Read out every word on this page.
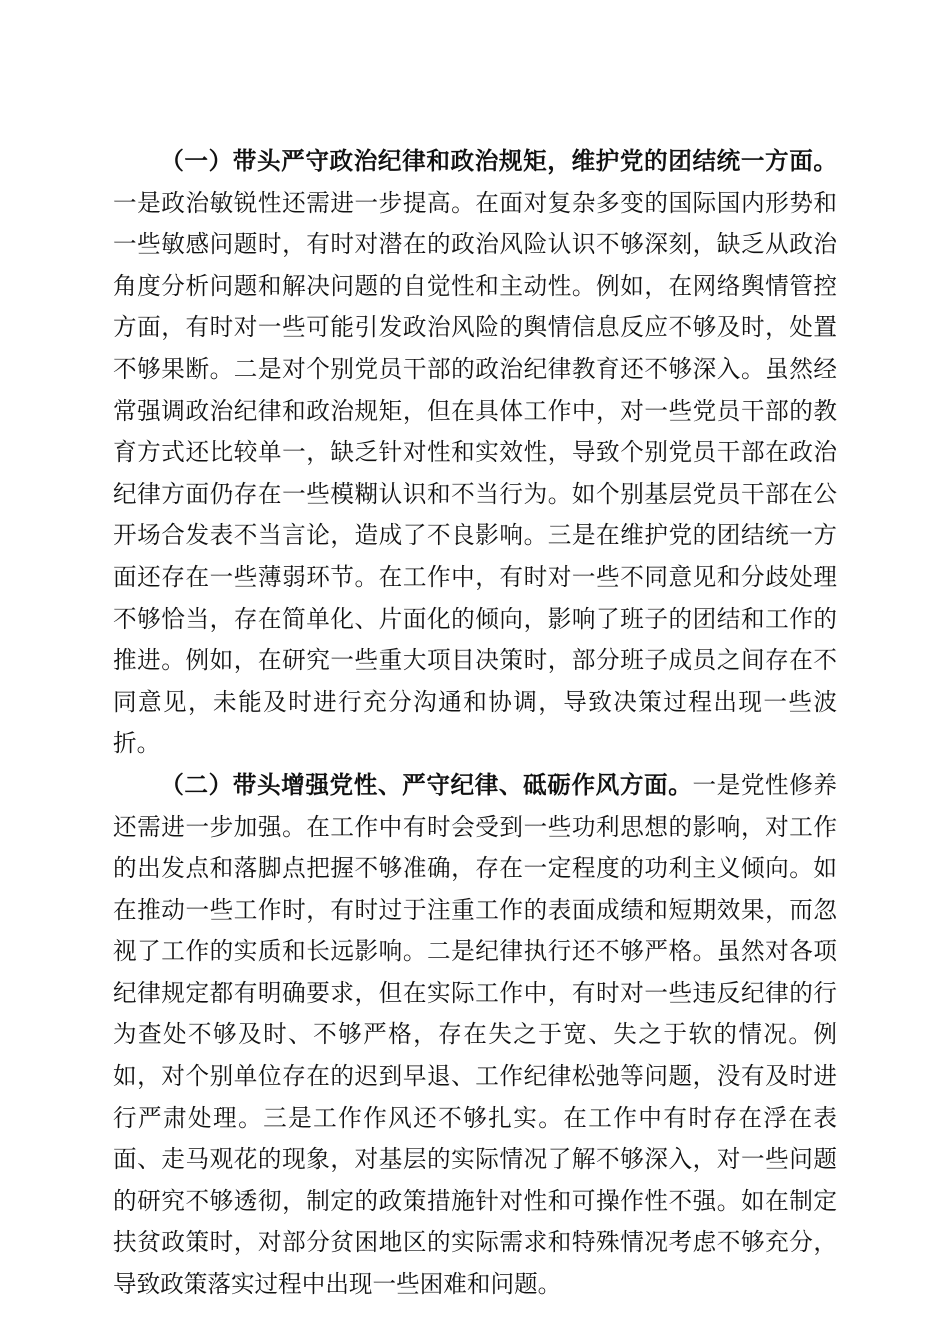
（一）带头严守政治纪律和政治规矩，维护党的团结统一方面。一是政治敏锐性还需进一步提高。在面对复杂多变的国际国内形势和一些敏感问题时，有时对潜在的政治风险认识不够深刻，缺乏从政治角度分析问题和解决问题的自觉性和主动性。例如，在网络舆情管控方面，有时对一些可能引发政治风险的舆情信息反应不够及时，处置不够果断。二是对个别党员干部的政治纪律教育还不够深入。虽然经常强调政治纪律和政治规矩，但在具体工作中，对一些党员干部的教育方式还比较单一，缺乏针对性和实效性，导致个别党员干部在政治纪律方面仍存在一些模糊认识和不当行为。如个别基层党员干部在公开场合发表不当言论，造成了不良影响。三是在维护党的团结统一方面还存在一些薄弱环节。在工作中，有时对一些不同意见和分歧处理不够恰当，存在简单化、片面化的倾向，影响了班子的团结和工作的推进。例如，在研究一些重大项目决策时，部分班子成员之间存在不同意见，未能及时进行充分沟通和协调，导致决策过程出现一些波折。

（二）带头增强党性、严守纪律、砥砺作风方面。一是党性修养还需进一步加强。在工作中有时会受到一些功利思想的影响，对工作的出发点和落脚点把握不够准确，存在一定程度的功利主义倾向。如在推动一些工作时，有时过于注重工作的表面成绩和短期效果，而忽视了工作的实质和长远影响。二是纪律执行还不够严格。虽然对各项纪律规定都有明确要求，但在实际工作中，有时对一些违反纪律的行为查处不够及时、不够严格，存在失之于宽、失之于软的情况。例如，对个别单位存在的迟到早退、工作纪律松弛等问题，没有及时进行严肃处理。三是工作作风还不够扎实。在工作中有时存在浮在表面、走马观花的现象，对基层的实际情况了解不够深入，对一些问题的研究不够透彻，制定的政策措施针对性和可操作性不强。如在制定扶贫政策时，对部分贫困地区的实际需求和特殊情况考虑不够充分，导致政策落实过程中出现一些困难和问题。
